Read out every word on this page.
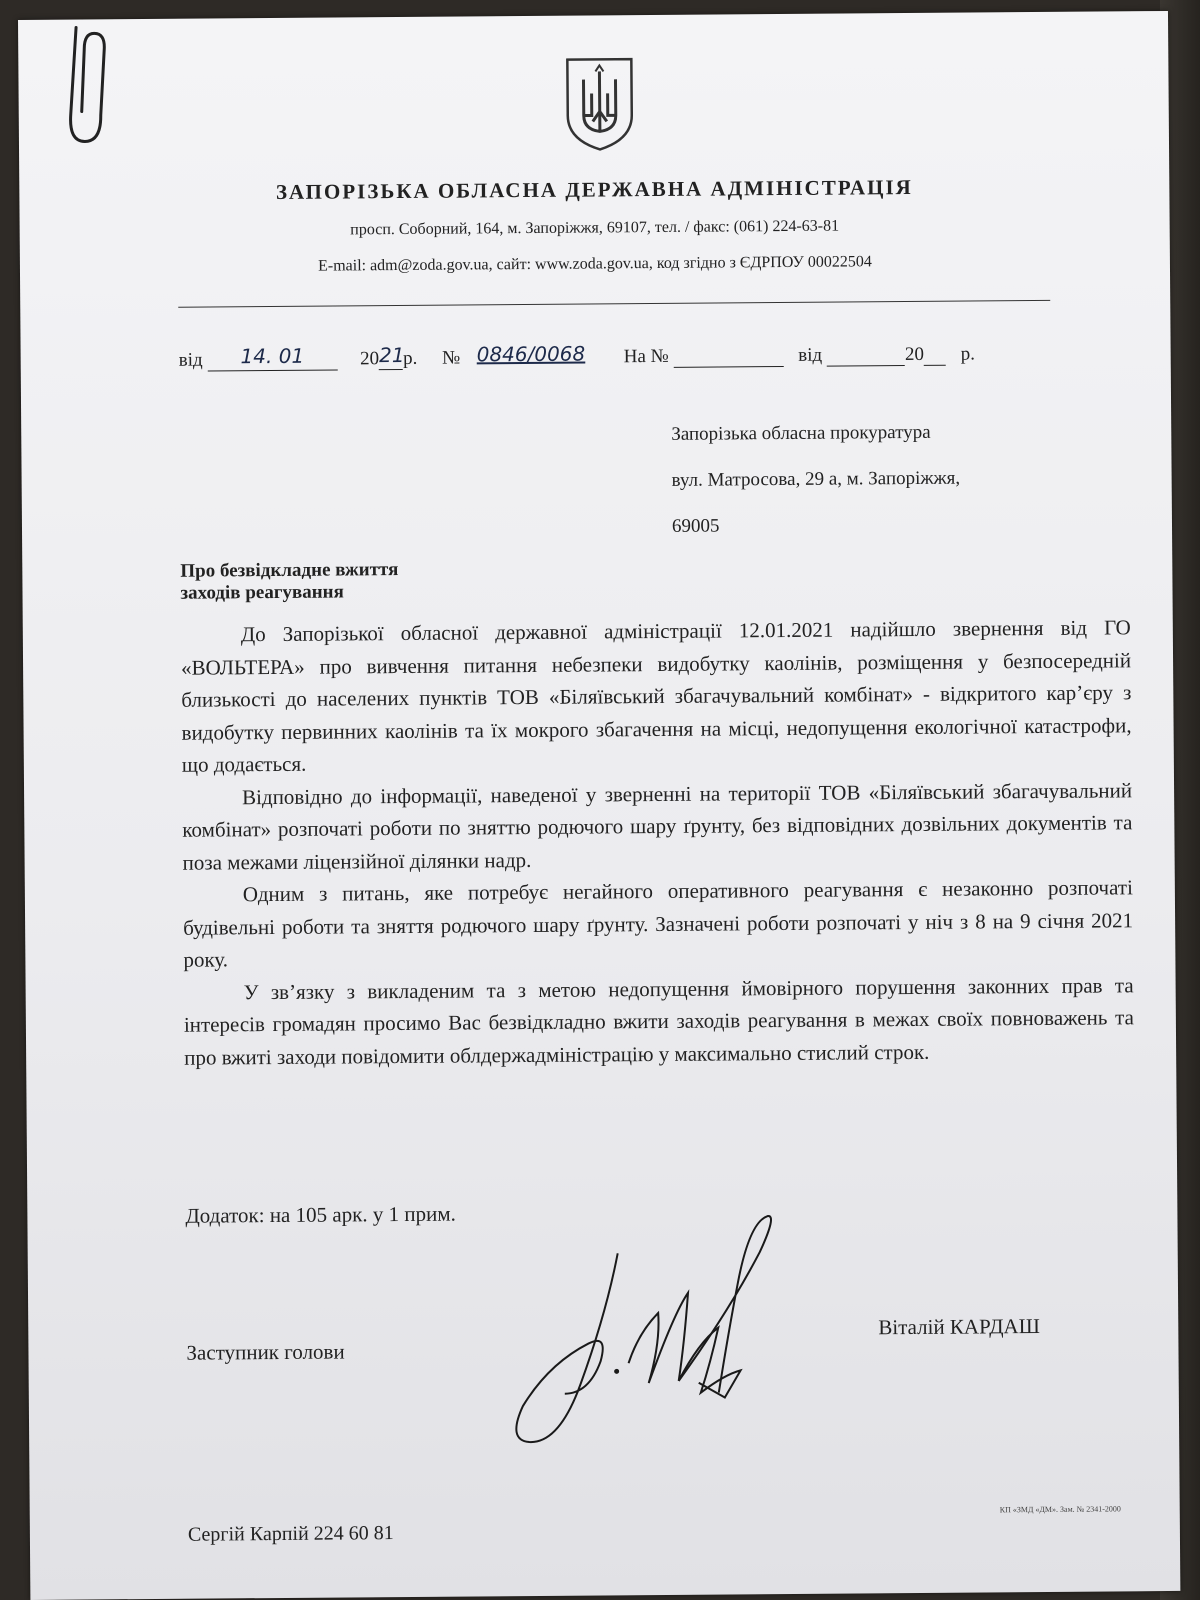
ЗАПОРІЗЬКА ОБЛАСНА ДЕРЖАВНА АДМІНІСТРАЦІЯ
просп. Соборний, 164, м. Запоріжжя, 69107, тел. / факс: (061) 224-63-81
E-mail: adm@zoda.gov.ua, сайт: www.zoda.gov.ua, код згідно з ЄДРПОУ 00022504
від 14. 01	2021р. № 0846/0068 На №	від	20 р.
Запорізька обласна прокуратура
вул. Матросова, 29 а, м. Запоріжжя,
69005
Про безвідкладне вжиття
заходів реагування

До Запорізької обласної державної адміністрації 12.01.2021 надійшло звернення від ГО «ВОЛЬТЕРА» про вивчення питання небезпеки видобутку каолінів, розміщення у безпосередній близькості до населених пунктів ТОВ «Біляївський збагачувальний комбінат» - відкритого кар’єру з видобутку первинних каолінів та їх мокрого збагачення на місці, недопущення екологічної катастрофи, що додається.

Відповідно до інформації, наведеної у зверненні на території ТОВ «Біляївський збагачувальний комбінат» розпочаті роботи по зняттю родючого шару ґрунту, без відповідних дозвільних документів та поза межами ліцензійної ділянки надр.

Одним з питань, яке потребує негайного оперативного реагування є незаконно розпочаті будівельні роботи та зняття родючого шару ґрунту. Зазначені роботи розпочаті у ніч з 8 на 9 січня 2021 року.

У зв’язку з викладеним та з метою недопущення ймовірного порушення законних прав та інтересів громадян просимо Вас безвідкладно вжити заходів реагування в межах своїх повноважень та про вжиті заходи повідомити облдержадміністрацію у максимально стислий строк.

Додаток: на 105 арк. у 1 прим.
Заступник голови
Віталій КАРДАШ
Сергій Карпій 224 60 81
КП «ЗМД «ДМ». Зам. № 2341-2000
